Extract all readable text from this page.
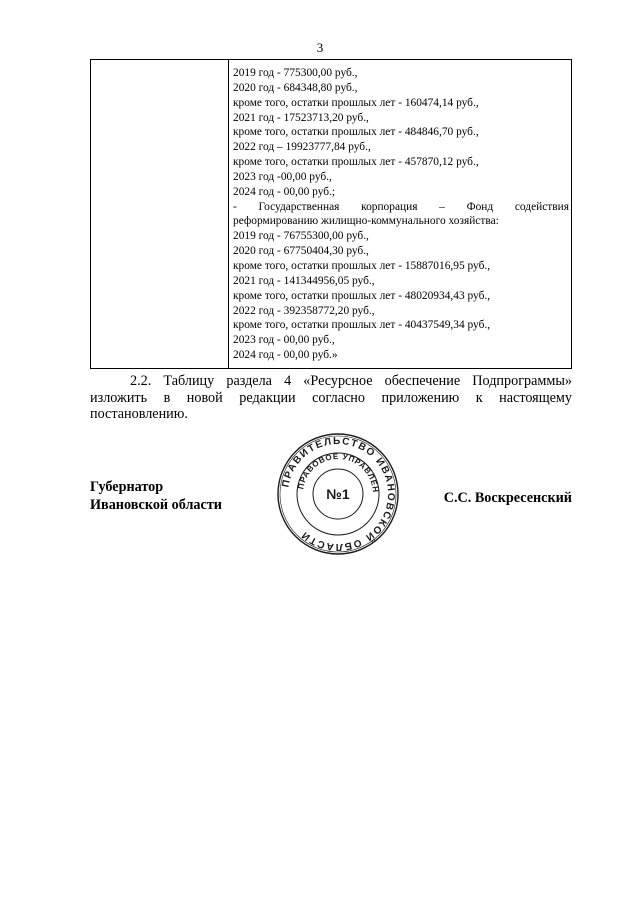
3
2019 год - 775300,00 руб.,
2020 год - 684348,80 руб.,
кроме того, остатки прошлых лет - 160474,14 руб.,
2021 год - 17523713,20 руб.,
кроме того, остатки прошлых лет - 484846,70 руб.,
2022 год – 19923777,84 руб.,
кроме того, остатки прошлых лет - 457870,12 руб.,
2023 год -00,00 руб.,
2024 год - 00,00 руб.;
- Государственная корпорация – Фонд содействия
реформированию жилищно-коммунального хозяйства:
2019 год - 76755300,00 руб.,
2020 год - 67750404,30 руб.,
кроме того, остатки прошлых лет - 15887016,95 руб.,
2021 год - 141344956,05 руб.,
кроме того, остатки прошлых лет - 48020934,43 руб.,
2022 год - 392358772,20 руб.,
кроме того, остатки прошлых лет - 40437549,34 руб.,
2023 год - 00,00 руб.,
2024 год - 00,00 руб.»
2.2. Таблицу раздела 4 «Ресурсное обеспечение Подпрограммы»
изложить в новой редакции согласно приложению к настоящему
постановлению.
Губернатор
Ивановской области
ПРАВИТЕЛЬСТВО ИВАНОВСКОЙ ОБЛАСТИ
ПРАВОВОЕ УПРАВЛЕН
№1	С.С. Воскресенский
